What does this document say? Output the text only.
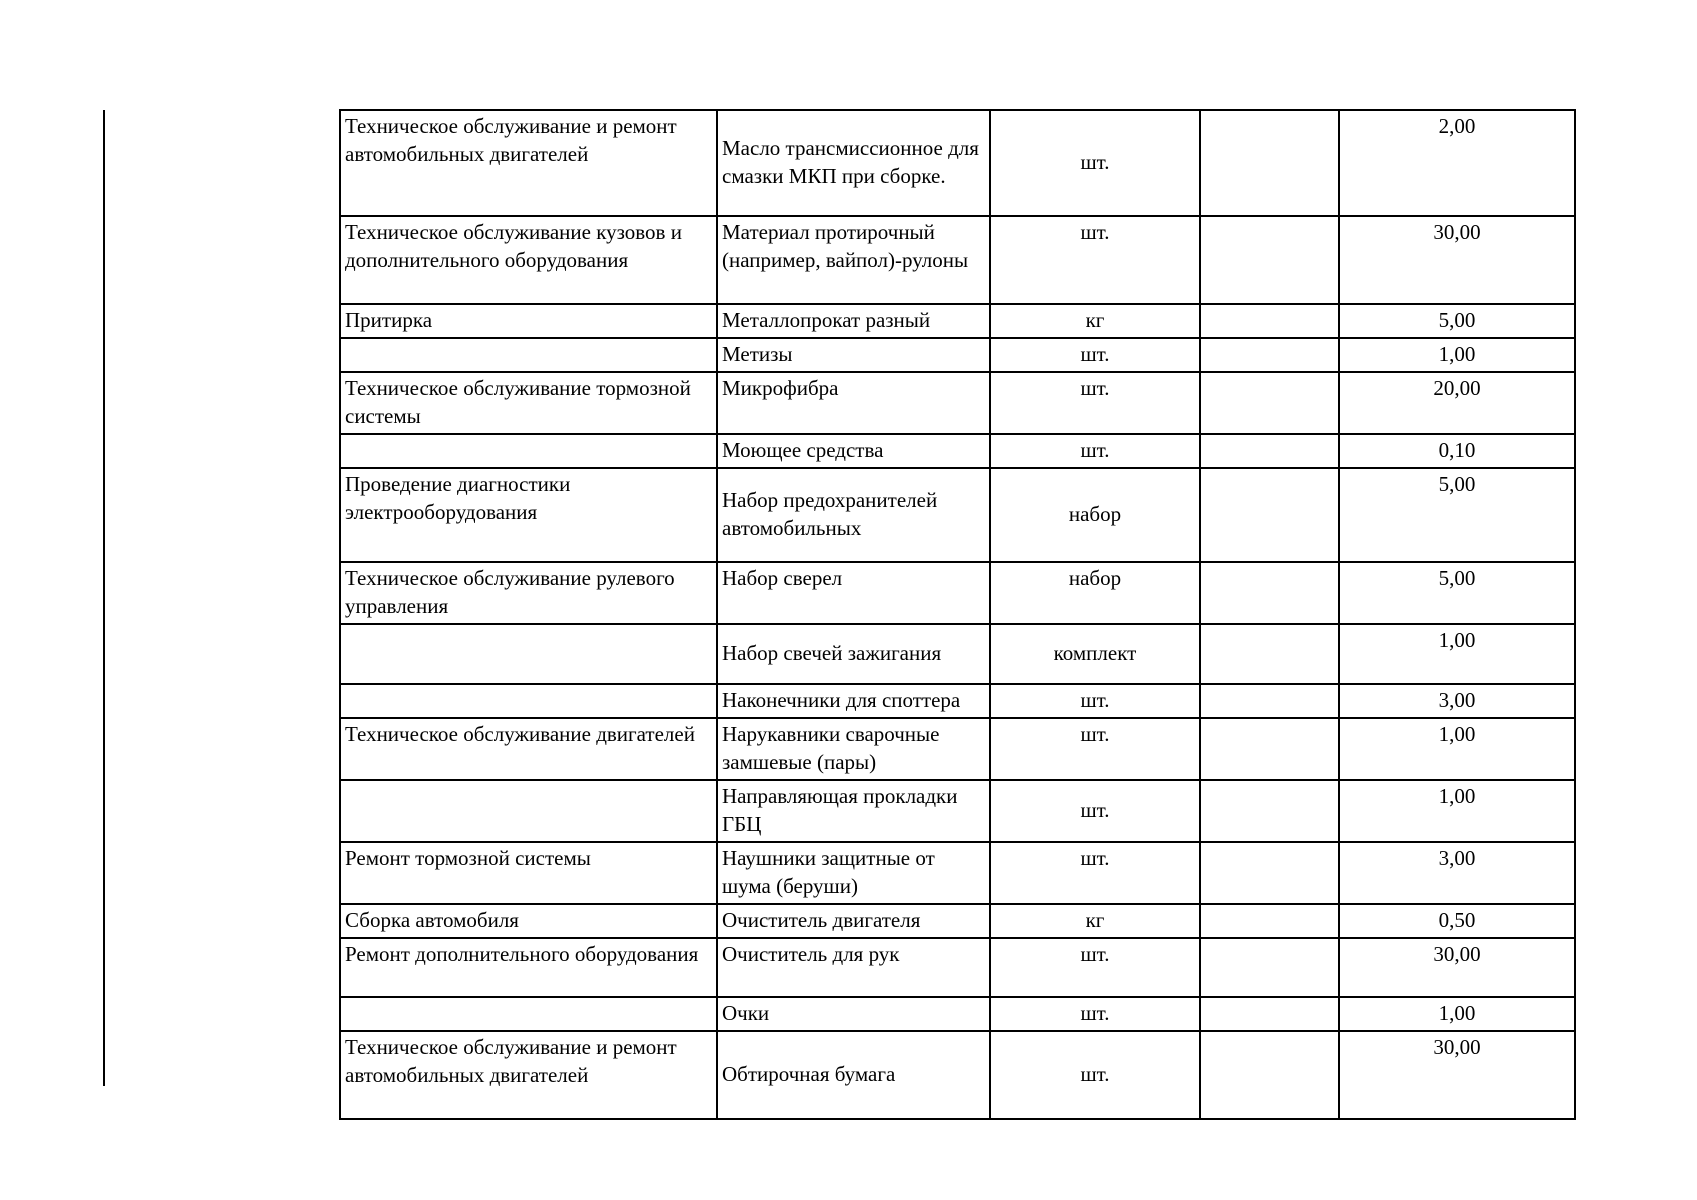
Техническое обслуживание и ремонт автомобильных двигателей	Масло трансмиссионное для смазки МКП при сборке.	шт.		2,00
Техническое обслуживание кузовов и дополнительного оборудования	Материал протирочный (например, вайпол)-рулоны	шт.		30,00
Притирка	Металлопрокат разный	кг		5,00
	Метизы	шт.		1,00
Техническое обслуживание тормозной системы	Микрофибра	шт.		20,00
	Моющее средства	шт.		0,10
Проведение диагностики электрооборудования	Набор предохранителей автомобильных	набор		5,00
Техническое обслуживание рулевого управления	Набор сверел	набор		5,00
	Набор свечей зажигания	комплект		1,00
	Наконечники для споттера	шт.		3,00
Техническое обслуживание двигателей	Нарукавники сварочные замшевые (пары)	шт.		1,00
	Направляющая прокладки ГБЦ	шт.		1,00
Ремонт тормозной системы	Наушники защитные от шума (беруши)	шт.		3,00
Сборка автомобиля	Очиститель двигателя	кг		0,50
Ремонт дополнительного оборудования	Очиститель для рук	шт.		30,00
	Очки	шт.		1,00
Техническое обслуживание и ремонт автомобильных двигателей	Обтирочная бумага	шт.		30,00
